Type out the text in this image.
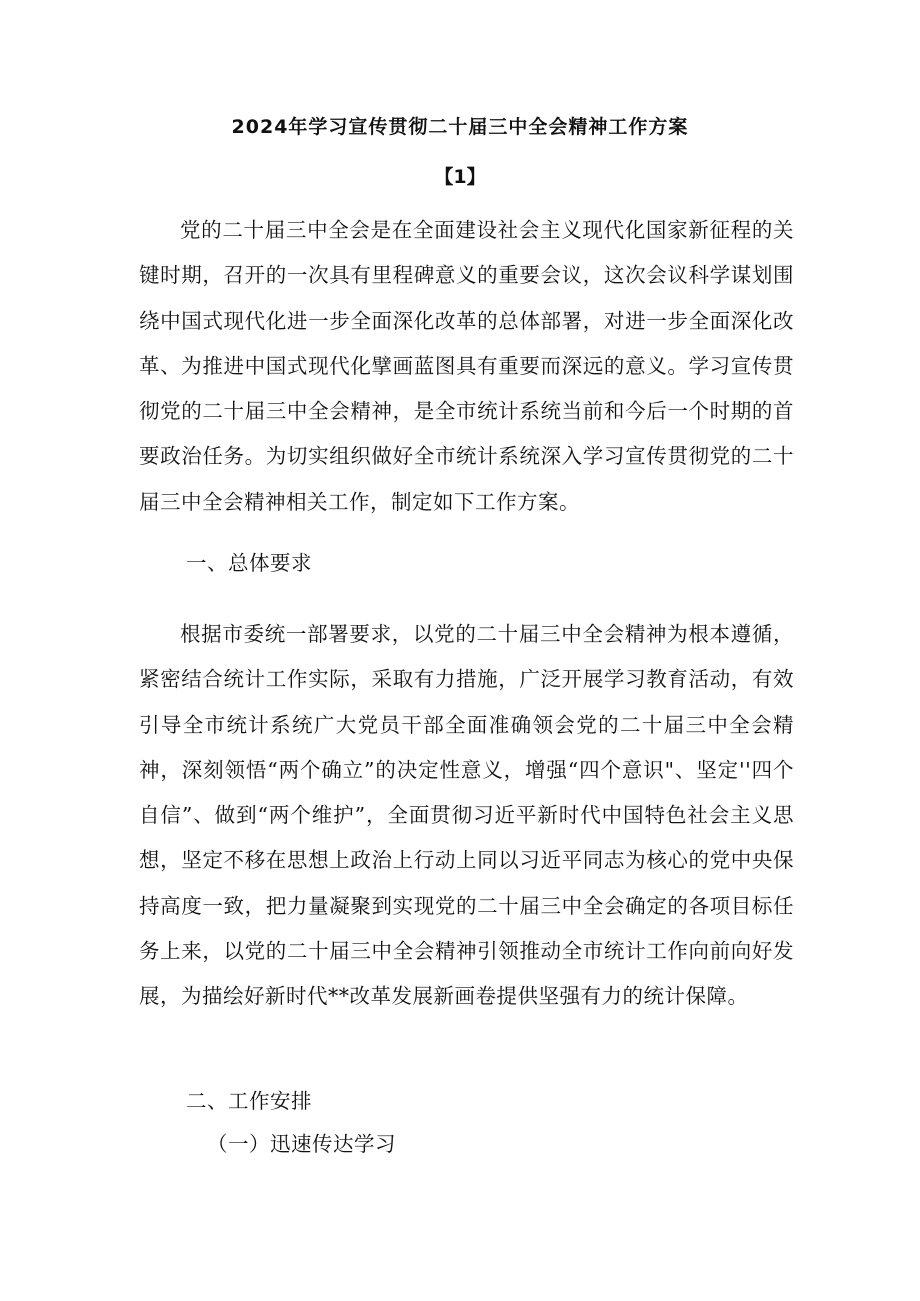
2024年学习宣传贯彻二十届三中全会精神工作方案
【1】

党的二十届三中全会是在全面建设社会主义现代化国家新征程的关键时期，召开的一次具有里程碑意义的重要会议，这次会议科学谋划围绕中国式现代化进一步全面深化改革的总体部署，对进一步全面深化改革、为推进中国式现代化擘画蓝图具有重要而深远的意义。学习宣传贯彻党的二十届三中全会精神，是全市统计系统当前和今后一个时期的首要政治任务。为切实组织做好全市统计系统深入学习宣传贯彻党的二十届三中全会精神相关工作，制定如下工作方案。

一、总体要求

根据市委统一部署要求，以党的二十届三中全会精神为根本遵循，紧密结合统计工作实际，采取有力措施，广泛开展学习教育活动，有效引导全市统计系统广大党员干部全面准确领会党的二十届三中全会精神，深刻领悟“两个确立”的决定性意义，增强“四个意识"、坚定''四个自信”、做到“两个维护”，全面贯彻习近平新时代中国特色社会主义思想，坚定不移在思想上政治上行动上同以习近平同志为核心的党中央保持高度一致，把力量凝聚到实现党的二十届三中全会确定的各项目标任务上来，以党的二十届三中全会精神引领推动全市统计工作向前向好发展，为描绘好新时代**改革发展新画卷提供坚强有力的统计保障。

二、工作安排

（一）迅速传达学习
